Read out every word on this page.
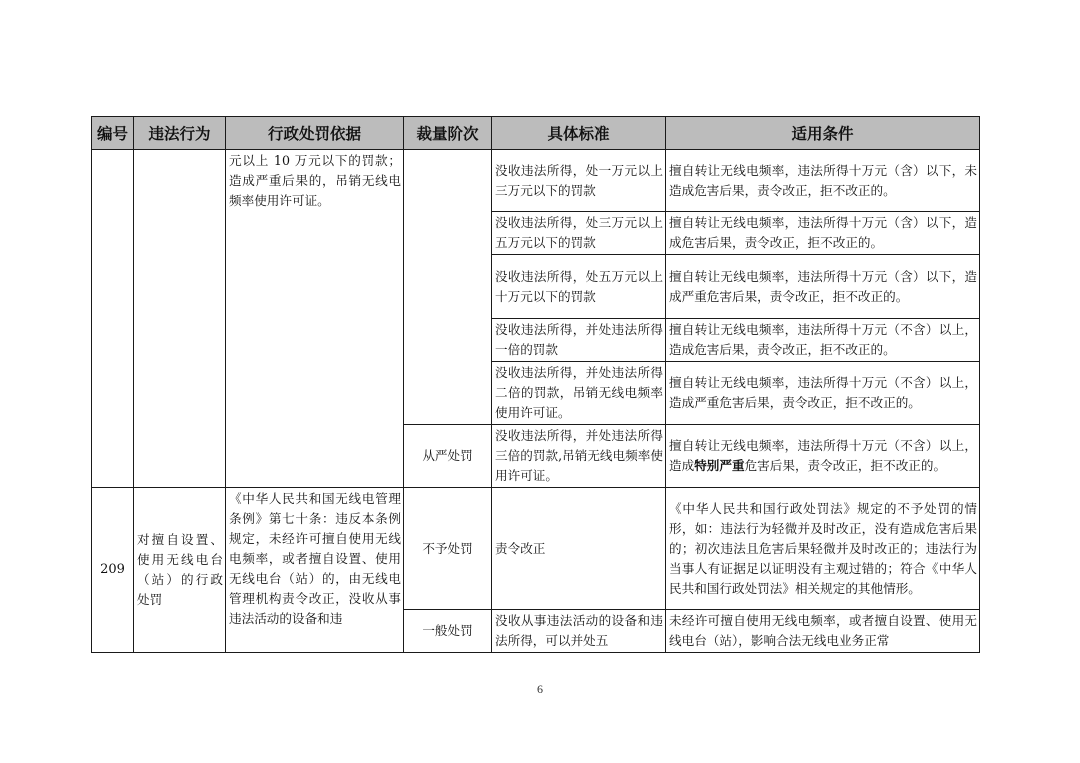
编号	违法行为	行政处罚依据	裁量阶次	具体标准	适用条件
		元以上 10 万元以下的罚款；造成严重后果的，吊销无线电频率使用许可证。		没收违法所得，处一万元以上三万元以下的罚款	擅自转让无线电频率，违法所得十万元（含）以下，未造成危害后果，责令改正，拒不改正的。
				没收违法所得，处三万元以上五万元以下的罚款	擅自转让无线电频率，违法所得十万元（含）以下，造成危害后果，责令改正，拒不改正的。
				没收违法所得，处五万元以上十万元以下的罚款	擅自转让无线电频率，违法所得十万元（含）以下，造成严重危害后果，责令改正，拒不改正的。
				没收违法所得，并处违法所得一倍的罚款	擅自转让无线电频率，违法所得十万元（不含）以上，造成危害后果，责令改正，拒不改正的。
				没收违法所得，并处违法所得二倍的罚款，吊销无线电频率使用许可证。	擅自转让无线电频率，违法所得十万元（不含）以上，造成严重危害后果，责令改正，拒不改正的。
			从严处罚	没收违法所得，并处违法所得三倍的罚款,吊销无线电频率使用许可证。	擅自转让无线电频率，违法所得十万元（不含）以上，造成特别严重危害后果，责令改正，拒不改正的。
209	对擅自设置、使用无线电台（站）的行政处罚	《中华人民共和国无线电管理条例》第七十条：违反本条例规定，未经许可擅自使用无线电频率，或者擅自设置、使用无线电台（站）的，由无线电管理机构责令改正，没收从事违法活动的设备和违	不予处罚	责令改正	《中华人民共和国行政处罚法》规定的不予处罚的情形，如：违法行为轻微并及时改正，没有造成危害后果的；初次违法且危害后果轻微并及时改正的；违法行为当事人有证据足以证明没有主观过错的；符合《中华人民共和国行政处罚法》相关规定的其他情形。
			一般处罚	没收从事违法活动的设备和违法所得，可以并处五	未经许可擅自使用无线电频率，或者擅自设置、使用无线电台（站），影响合法无线电业务正常
6
